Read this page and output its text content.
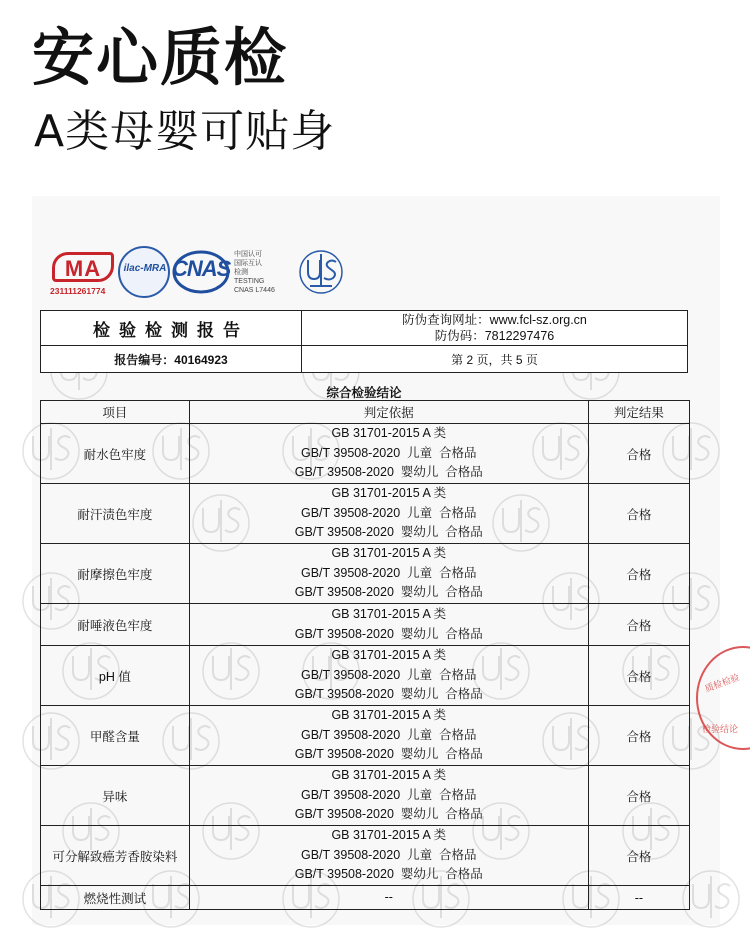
安心质检
A类母婴可贴身
MA
231111261774
ilac-MRA CNAS
中国认可
国际互认
检测
TESTING
CNAS L7446
检验检测报告	防伪查询网址：www.fcl-sz.org.cn
防伪码：7812297476

报告编号：40164923	第 2 页，共 5 页
综合检验结论
项目	判定依据	判定结果
耐水色牢度	GB 31701-2015 A 类
GB/T 39508-2020  儿童  合格品
GB/T 39508-2020  婴幼儿  合格品	合格
耐汗渍色牢度	GB 31701-2015 A 类
GB/T 39508-2020  儿童  合格品
GB/T 39508-2020  婴幼儿  合格品	合格
耐摩擦色牢度	GB 31701-2015 A 类
GB/T 39508-2020  儿童  合格品
GB/T 39508-2020  婴幼儿  合格品	合格
耐唾液色牢度	GB 31701-2015 A 类
GB/T 39508-2020  婴幼儿  合格品	合格
pH 值	GB 31701-2015 A 类
GB/T 39508-2020  儿童  合格品
GB/T 39508-2020  婴幼儿  合格品	合格
甲醛含量	GB 31701-2015 A 类
GB/T 39508-2020  儿童  合格品
GB/T 39508-2020  婴幼儿  合格品	合格
异味	GB 31701-2015 A 类
GB/T 39508-2020  儿童  合格品
GB/T 39508-2020  婴幼儿  合格品	合格
可分解致癌芳香胺染料	GB 31701-2015 A 类
GB/T 39508-2020  儿童  合格品
GB/T 39508-2020  婴幼儿  合格品	合格
燃烧性测试	--	--
质检检验
检验结论
